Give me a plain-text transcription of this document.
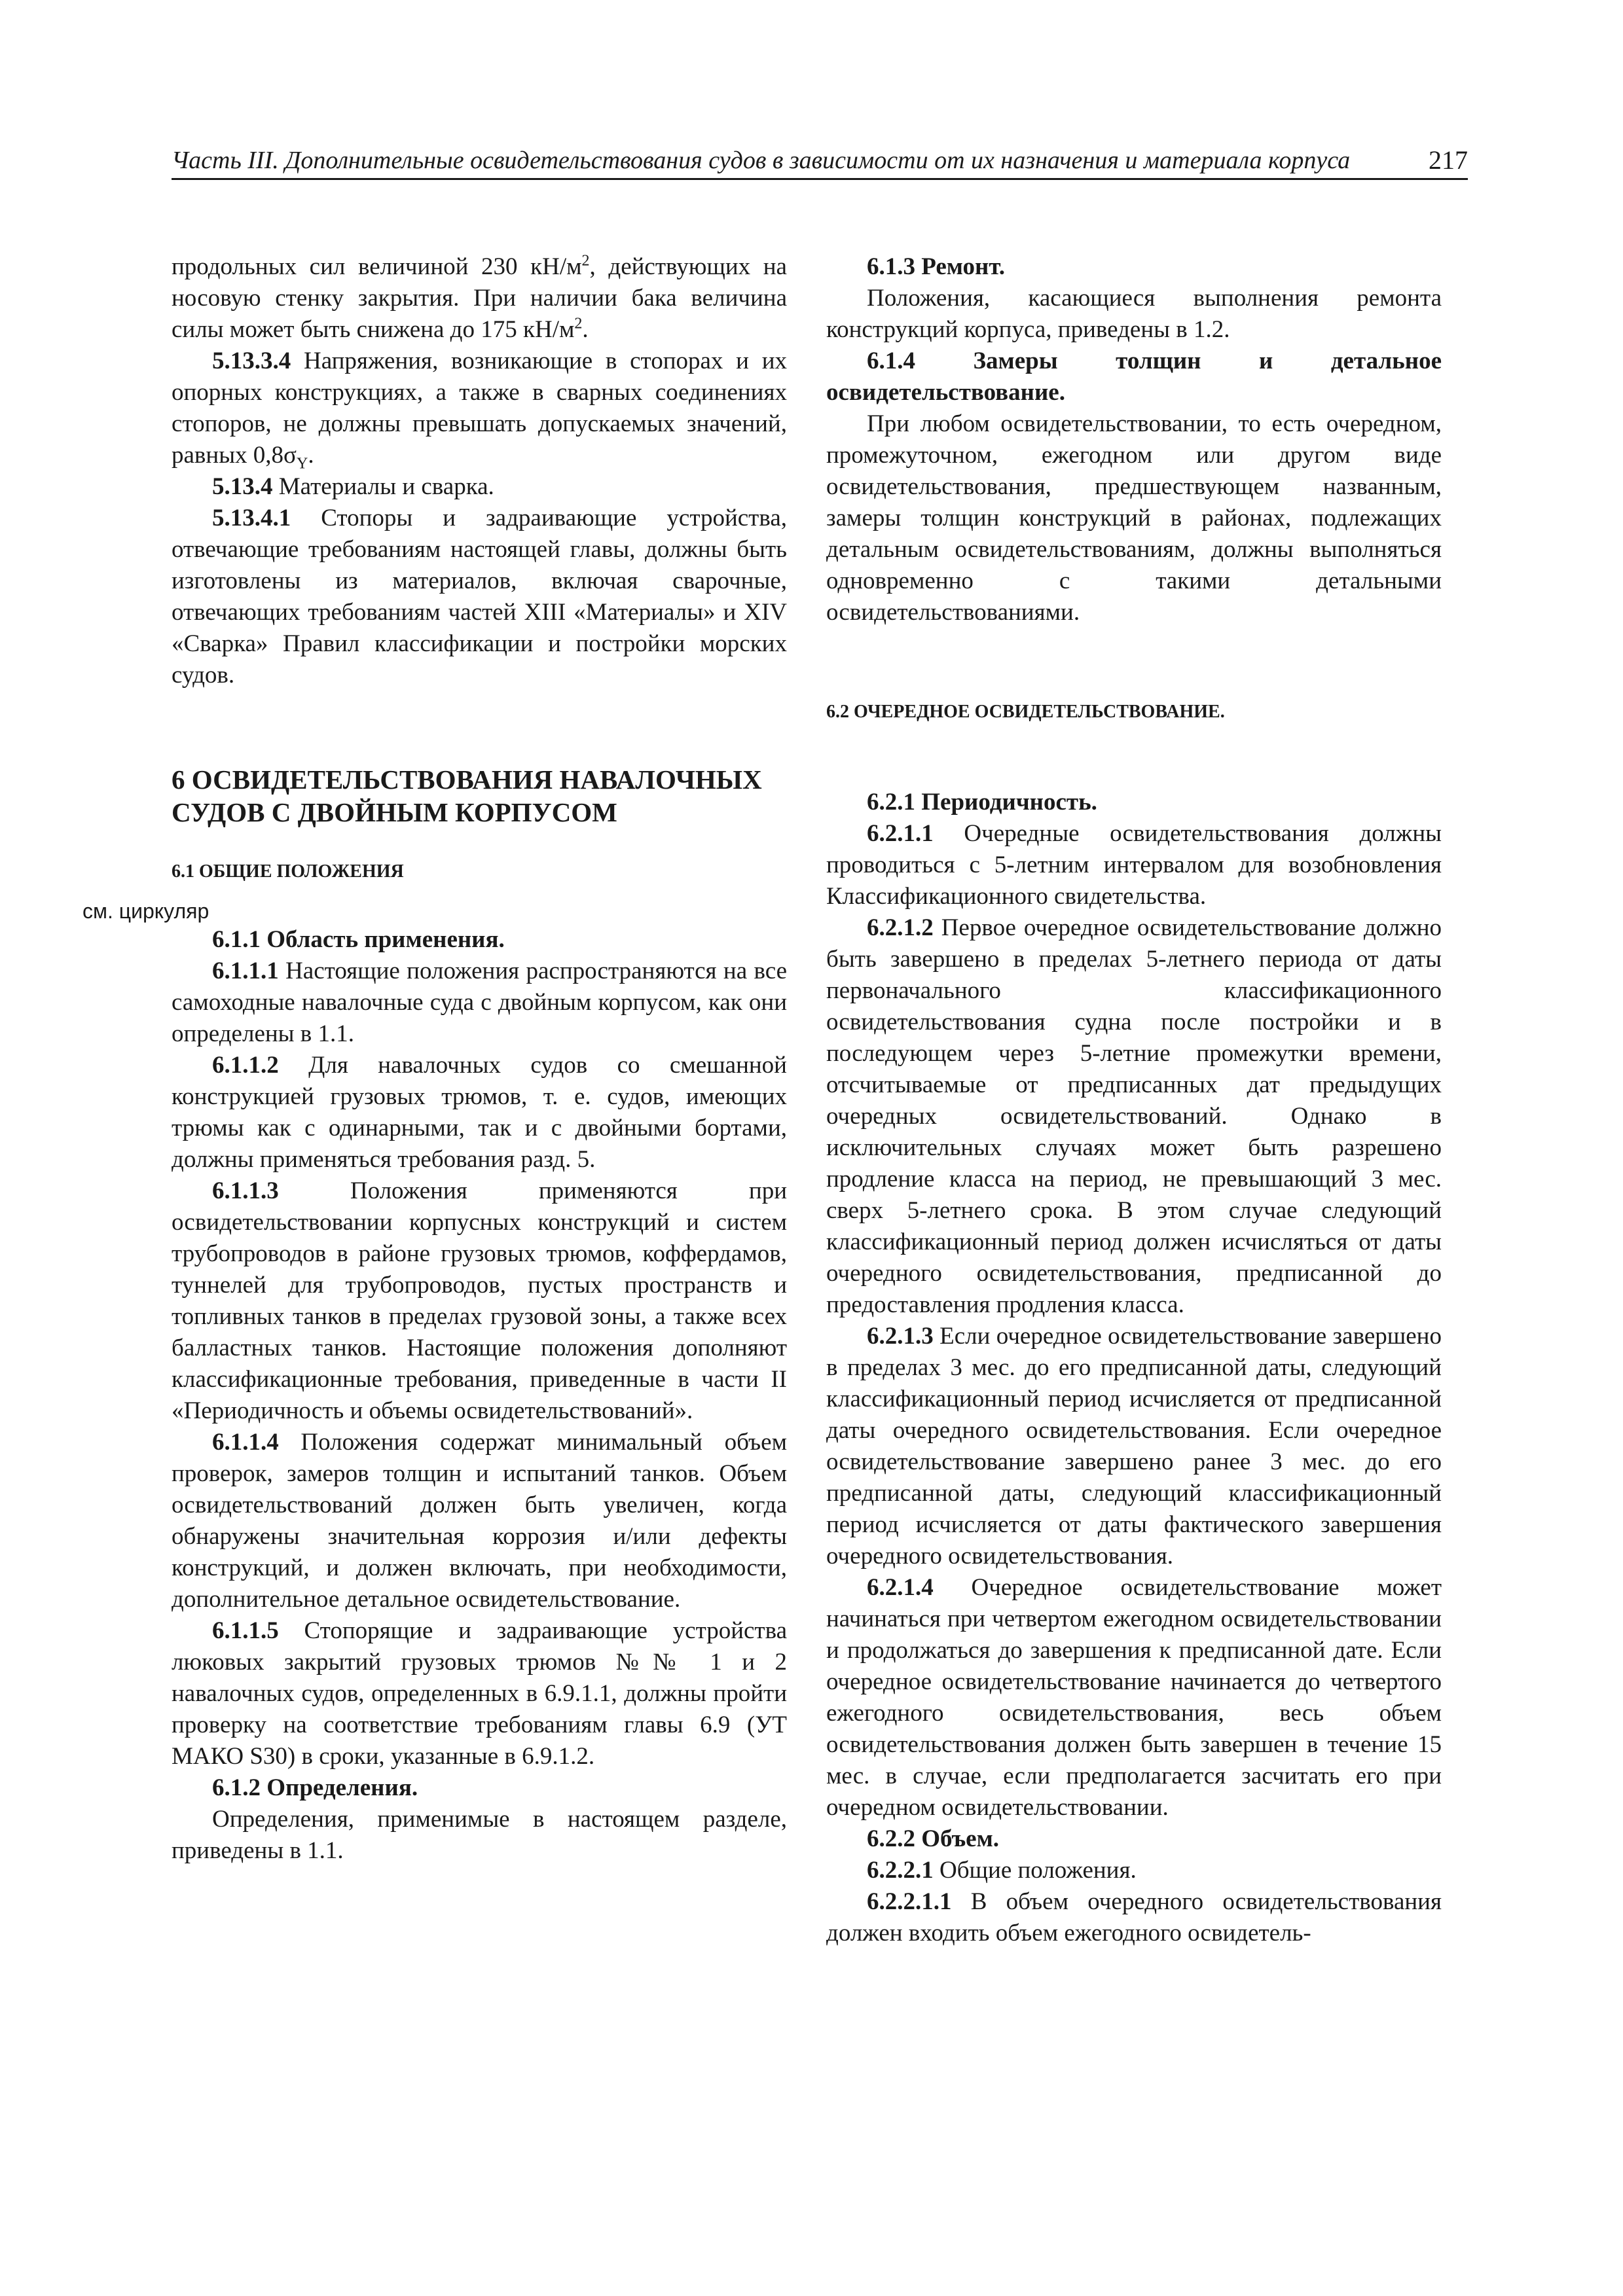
Часть III. Дополнительные освидетельствования судов в зависимости от их назначения и материала корпуса	217
см. циркуляр

продольных сил величиной 230 $кН/м^2$, действующих на носовую стенку закрытия. При наличии бака величина силы может быть снижена до 175 $кН/м^2$.

5.13.3.4 Напряжения, возникающие в стопорах и их опорных конструкциях, а также в сварных соединениях стопоров, не должны превышать допускаемых значений, равных $0,8\sigma_Y$.

5.13.4 Материалы и сварка.

5.13.4.1 Стопоры и задраивающие устройства, отвечающие требованиям настоящей главы, должны быть изготовлены из материалов, включая сварочные, отвечающих требованиям частей XIII «Материалы» и XIV «Сварка» Правил классификации и постройки морских судов.

6 ОСВИДЕТЕЛЬСТВОВАНИЯ НАВАЛОЧНЫХ
СУДОВ С ДВОЙНЫМ КОРПУСОМ

6.1 ОБЩИЕ ПОЛОЖЕНИЯ

6.1.1 Область применения.

6.1.1.1 Настоящие положения распространяются на все самоходные навалочные суда с двойным корпусом, как они определены в 1.1.

6.1.1.2 Для навалочных судов со смешанной конструкцией грузовых трюмов, т. е. судов, имеющих трюмы как с одинарными, так и с двойными бортами, должны применяться требования разд. 5.

6.1.1.3 Положения применяются при освидетельствовании корпусных конструкций и систем трубопроводов в районе грузовых трюмов, коффердамов, туннелей для трубопроводов, пустых пространств и топливных танков в пределах грузовой зоны, а также всех балластных танков. Настоящие положения дополняют классификационные требования, приведенные в части II «Периодичность и объемы освидетельствований».

6.1.1.4 Положения содержат минимальный объем проверок, замеров толщин и испытаний танков. Объем освидетельствований должен быть увеличен, когда обнаружены значительная коррозия и/или дефекты конструкций, и должен включать, при необходимости, дополнительное детальное освидетельствование.

6.1.1.5 Стопорящие и задраивающие устройства люковых закрытий грузовых трюмов №№ 1 и 2 навалочных судов, определенных в 6.9.1.1, должны пройти проверку на соответствие требованиям главы 6.9 (УТ МАКО S30) в сроки, указанные в 6.9.1.2.

6.1.2 Определения.

Определения, применимые в настоящем разделе, приведены в 1.1.

6.1.3 Ремонт.

Положения, касающиеся выполнения ремонта конструкций корпуса, приведены в 1.2.

6.1.4 Замеры толщин и детальное освидетельствование.

При любом освидетельствовании, то есть очередном, промежуточном, ежегодном или другом виде освидетельствования, предшествующем названным, замеры толщин конструкций в районах, подлежащих детальным освидетельствованиям, должны выполняться одновременно с такими детальными освидетельствованиями.

6.2 ОЧЕРЕДНОЕ ОСВИДЕТЕЛЬСТВОВАНИЕ.

6.2.1 Периодичность.

6.2.1.1 Очередные освидетельствования должны проводиться с 5-летним интервалом для возобновления Классификационного свидетельства.

6.2.1.2 Первое очередное освидетельствование должно быть завершено в пределах 5-летнего периода от даты первоначального классификационного освидетельствования судна после постройки и в последующем через 5-летние промежутки времени, отсчитываемые от предписанных дат предыдущих очередных освидетельствований. Однако в исключительных случаях может быть разрешено продление класса на период, не превышающий 3 мес. сверх 5-летнего срока. В этом случае следующий классификационный период должен исчисляться от даты очередного освидетельствования, предписанной до предоставления продления класса.

6.2.1.3 Если очередное освидетельствование завершено в пределах 3 мес. до его предписанной даты, следующий классификационный период исчисляется от предписанной даты очередного освидетельствования. Если очередное освидетельствование завершено ранее 3 мес. до его предписанной даты, следующий классификационный период исчисляется от даты фактического завершения очередного освидетельствования.

6.2.1.4 Очередное освидетельствование может начинаться при четвертом ежегодном освидетельствовании и продолжаться до завершения к предписанной дате. Если очередное освидетельствование начинается до четвертого ежегодного освидетельствования, весь объем освидетельствования должен быть завершен в течение 15 мес. в случае, если предполагается засчитать его при очередном освидетельствовании.

6.2.2 Объем.

6.2.2.1 Общие положения.

6.2.2.1.1 В объем очередного освидетельствования должен входить объем ежегодного освидетель-
